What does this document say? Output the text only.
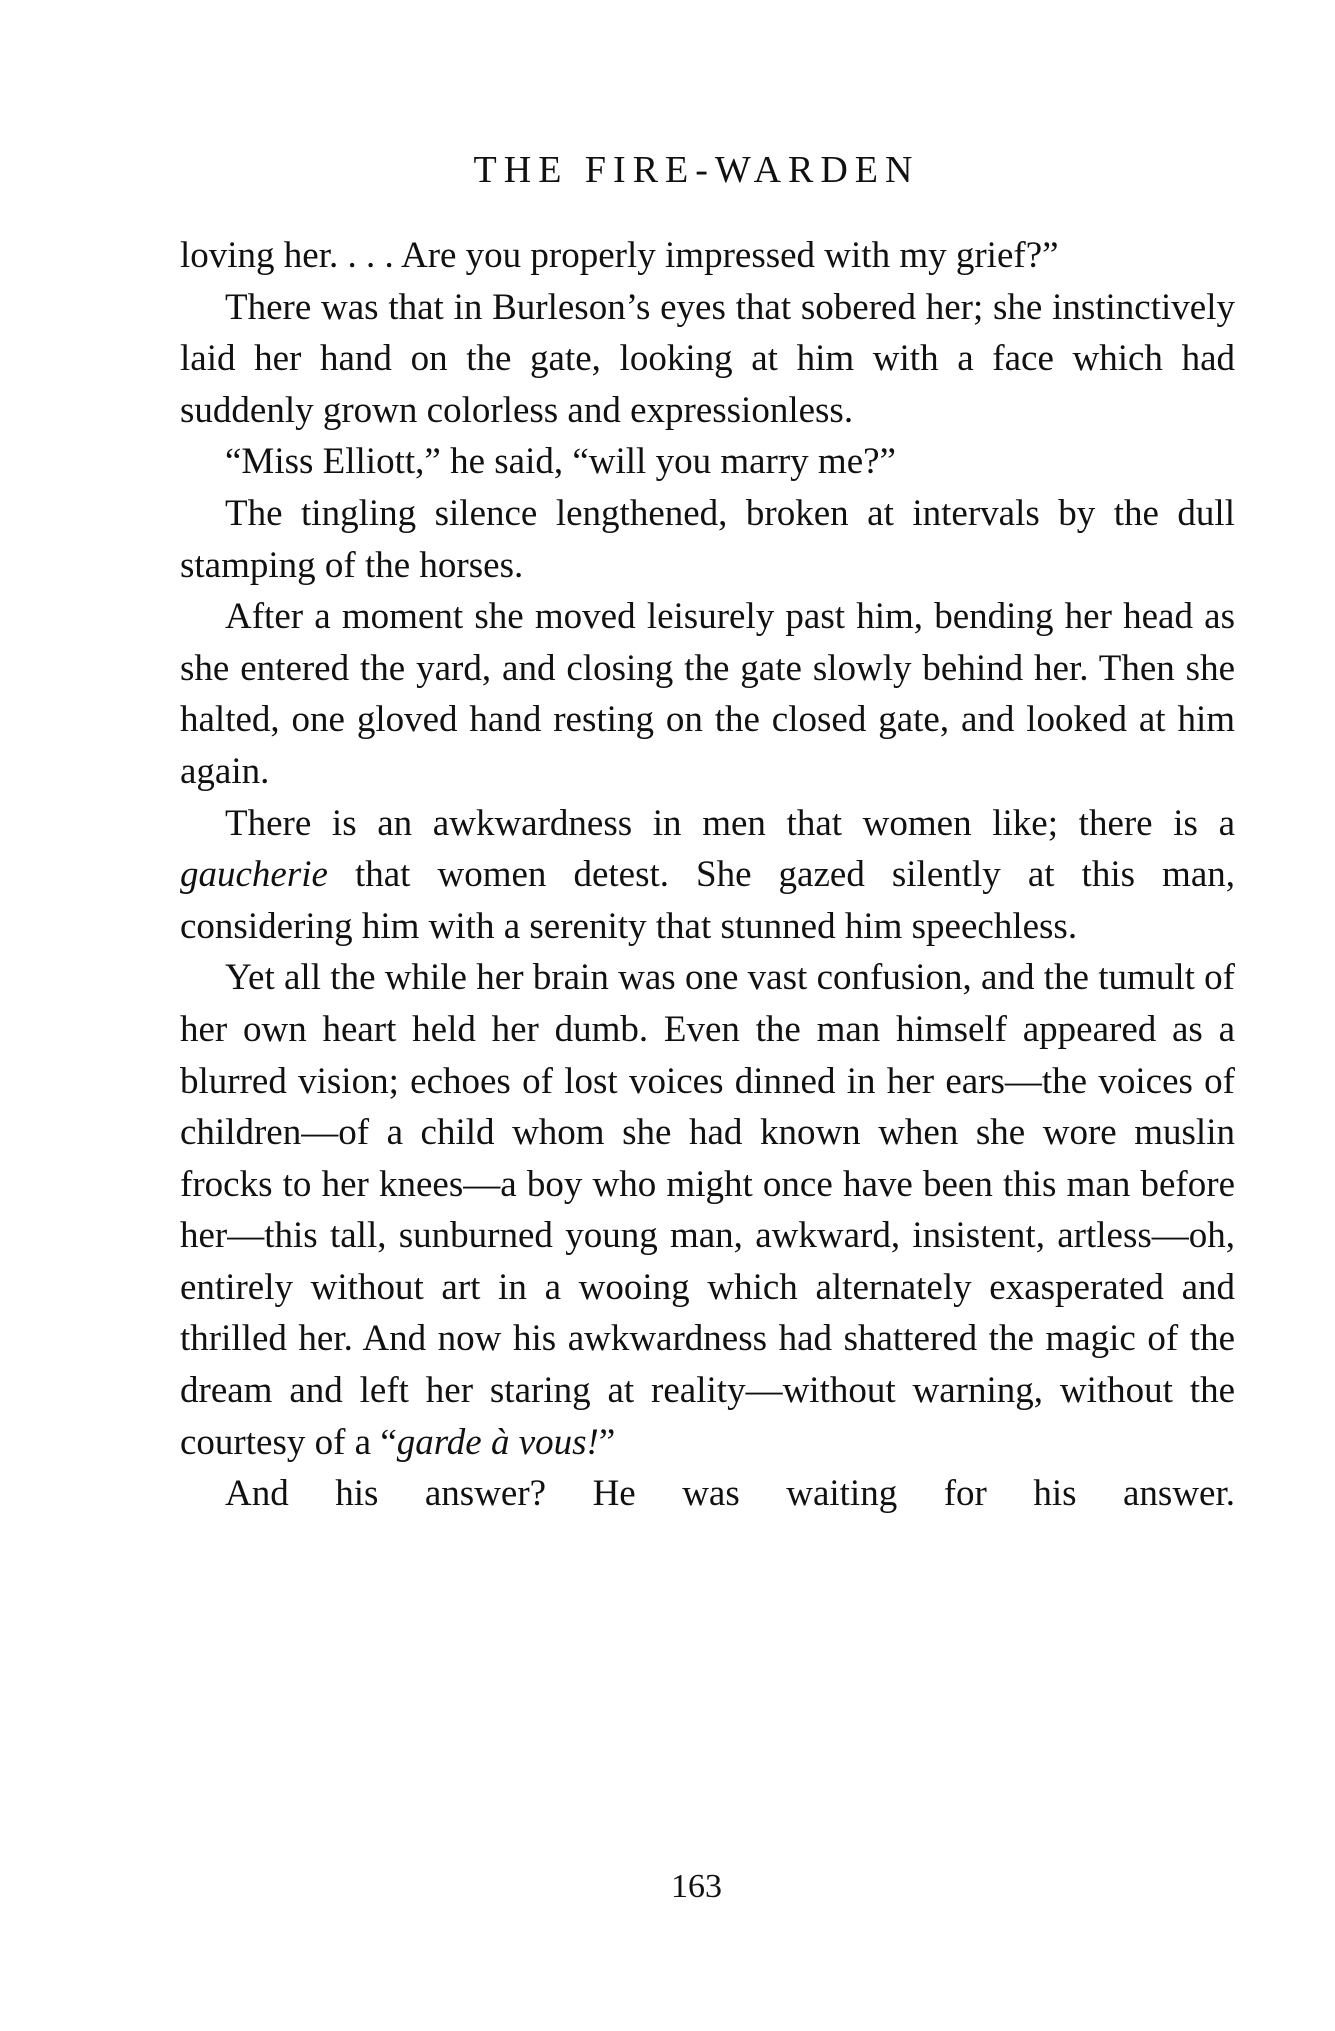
THE FIRE-WARDEN

loving her. . . . Are you properly impressed with my grief?”

There was that in Burleson’s eyes that sobered her; she instinctively laid her hand on the gate, looking at him with a face which had suddenly grown colorless and expressionless.

“Miss Elliott,” he said, “will you marry me?”

The tingling silence lengthened, broken at intervals by the dull stamping of the horses.

After a moment she moved leisurely past him, bending her head as she entered the yard, and closing the gate slowly behind her. Then she halted, one gloved hand resting on the closed gate, and looked at him again.

There is an awkwardness in men that women like; there is a gaucherie that women detest. She gazed silently at this man, considering him with a serenity that stunned him speechless.

Yet all the while her brain was one vast confusion, and the tumult of her own heart held her dumb. Even the man himself appeared as a blurred vision; echoes of lost voices dinned in her ears—the voices of children—of a child whom she had known when she wore muslin frocks to her knees—a boy who might once have been this man before her—this tall, sunburned young man, awkward, insistent, artless—oh, entirely without art in a wooing which alternately exasperated and thrilled her. And now his awkwardness had shattered the magic of the dream and left her staring at reality—without warning, without the courtesy of a “garde à vous!”

And his answer? He was waiting for his answer.

163
